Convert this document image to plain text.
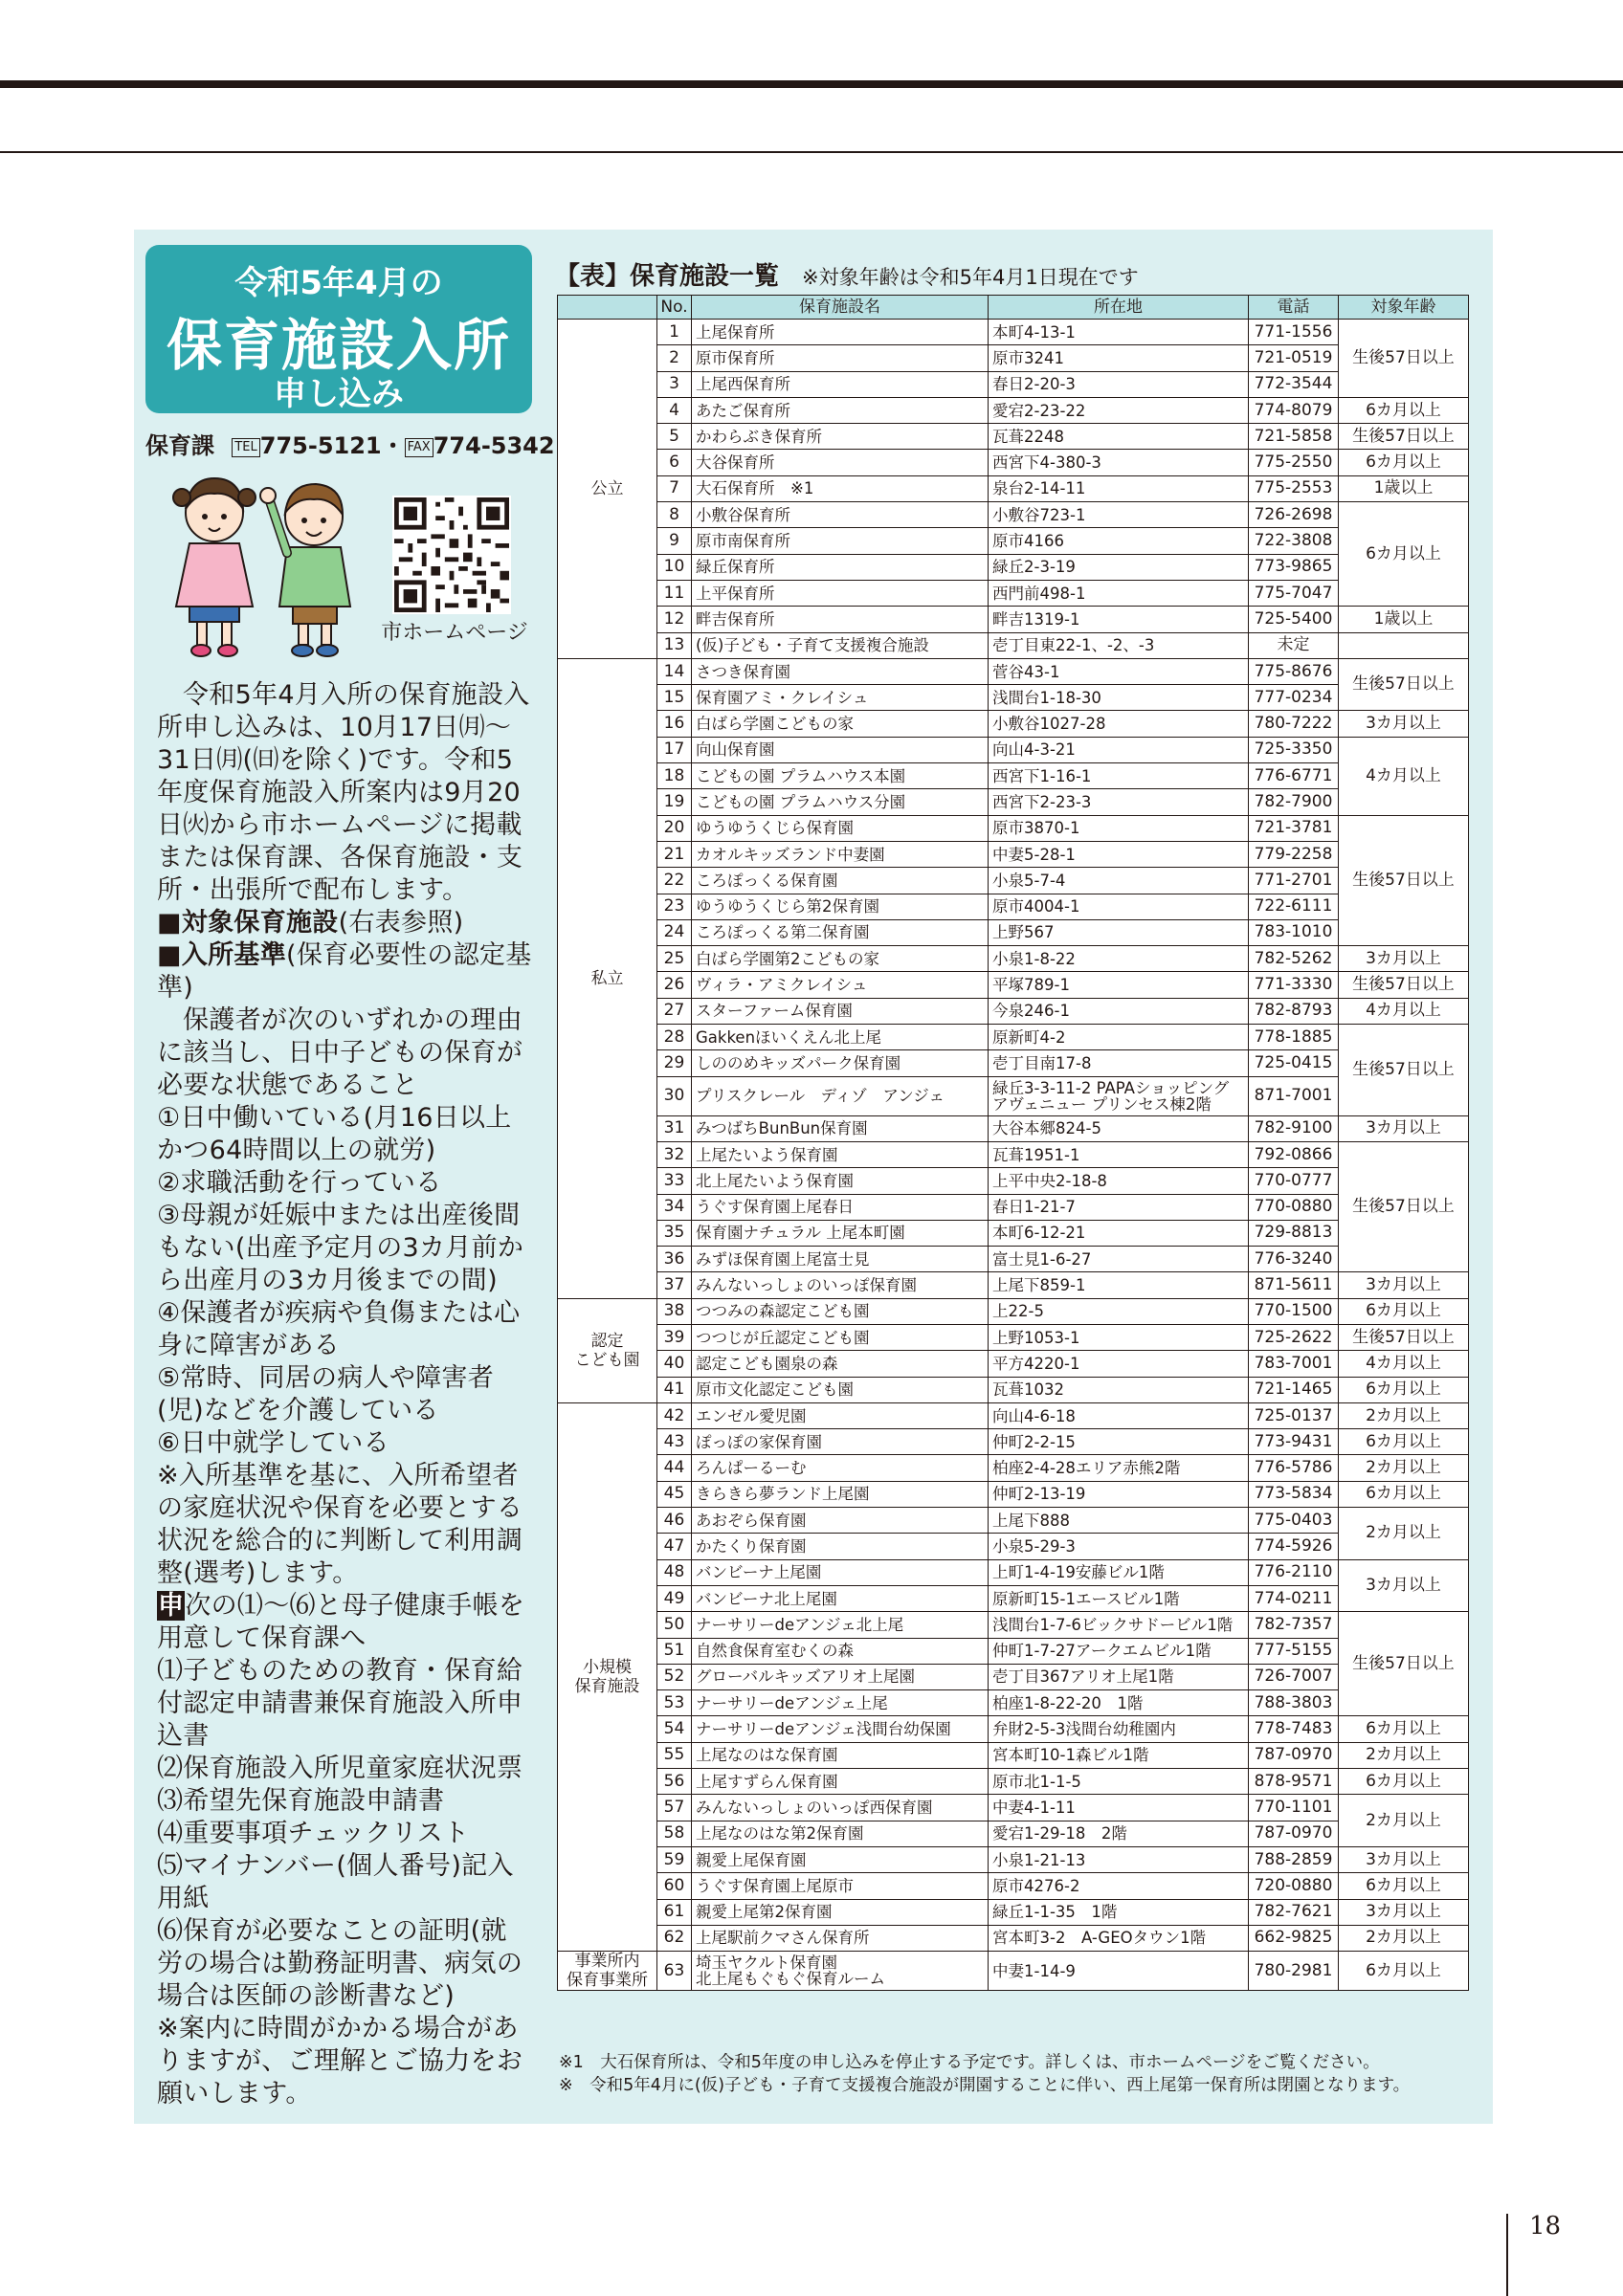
令和5年4月の
保育施設入所
申し込み
保育課 TEL 775-5121・ FAX 774-5342
市ホームページ

令和5年4月入所の保育施設入所申し込みは、10月17日㈪～31日㈪(㈰を除く)です。令和5年度保育施設入所案内は9月20日㈫から市ホームページに掲載または保育課、各保育施設・支所・出張所で配布します。

■対象保育施設(右表参照)

■入所基準(保育必要性の認定基準)

保護者が次のいずれかの理由に該当し、日中子どもの保育が必要な状態であること

①日中働いている(月16日以上かつ64時間以上の就労)

②求職活動を行っている

③母親が妊娠中または出産後間もない(出産予定月の3カ月前から出産月の3カ月後までの間)

④保護者が疾病や負傷または心身に障害がある

⑤常時、同居の病人や障害者(児)などを介護している

⑥日中就学している

※入所基準を基に、入所希望者の家庭状況や保育を必要とする状況を総合的に判断して利用調整(選考)します。

申次の⑴～⑹と母子健康手帳を用意して保育課へ

⑴子どものための教育・保育給付認定申請書兼保育施設入所申込書

⑵保育施設入所児童家庭状況票

⑶希望先保育施設申請書

⑷重要事項チェックリスト

⑸マイナンバー(個人番号)記入用紙

⑹保育が必要なことの証明(就労の場合は勤務証明書、病気の場合は医師の診断書など)

※案内に時間がかかる場合がありますが、ご理解とご協力をお願いします。

【表】保育施設一覧 ※対象年齢は令和5年4月1日現在です
	No.	保育施設名	所在地	電話	対象年齢
公立	1	上尾保育所	本町4-13-1	771-1556	生後57日以上
	2	原市保育所	原市3241	721-0519	
	3	上尾西保育所	春日2-20-3	772-3544	
	4	あたご保育所	愛宕2-23-22	774-8079	6カ月以上
	5	かわらぶき保育所	瓦葺2248	721-5858	生後57日以上
	6	大谷保育所	西宮下4-380-3	775-2550	6カ月以上
	7	大石保育所　※1	泉台2-14-11	775-2553	1歳以上
	8	小敷谷保育所	小敷谷723-1	726-2698	6カ月以上
	9	原市南保育所	原市4166	722-3808	
	10	緑丘保育所	緑丘2-3-19	773-9865	
	11	上平保育所	西門前498-1	775-7047	
	12	畔吉保育所	畔吉1319-1	725-5400	1歳以上
	13	(仮)子ども・子育て支援複合施設	壱丁目東22-1、-2、-3	未定	
私立	14	さつき保育園	菅谷43-1	775-8676	生後57日以上
	15	保育園アミ・クレイシュ	浅間台1-18-30	777-0234	
	16	白ばら学園こどもの家	小敷谷1027-28	780-7222	3カ月以上
	17	向山保育園	向山4-3-21	725-3350	4カ月以上
	18	こどもの園 プラムハウス本園	西宮下1-16-1	776-6771	
	19	こどもの園 プラムハウス分園	西宮下2-23-3	782-7900	
	20	ゆうゆうくじら保育園	原市3870-1	721-3781	生後57日以上
	21	カオルキッズランド中妻園	中妻5-28-1	779-2258	
	22	ころぽっくる保育園	小泉5-7-4	771-2701	
	23	ゆうゆうくじら第2保育園	原市4004-1	722-6111	
	24	ころぽっくる第二保育園	上野567	783-1010	
	25	白ばら学園第2こどもの家	小泉1-8-22	782-5262	3カ月以上
	26	ヴィラ・アミクレイシュ	平塚789-1	771-3330	生後57日以上
	27	スターファーム保育園	今泉246-1	782-8793	4カ月以上
	28	Gakkenほいくえん北上尾	原新町4-2	778-1885	生後57日以上
	29	しののめキッズパーク保育園	壱丁目南17-8	725-0415	
	30	プリスクレール　ディゾ　アンジェ	緑丘3-3-11-2 PAPAショッピングアヴェニュー プリンセス棟2階	871-7001	
	31	みつばちBunBun保育園	大谷本郷824-5	782-9100	3カ月以上
	32	上尾たいよう保育園	瓦葺1951-1	792-0866	生後57日以上
	33	北上尾たいよう保育園	上平中央2-18-8	770-0777	
	34	うぐす保育園上尾春日	春日1-21-7	770-0880	
	35	保育園ナチュラル 上尾本町園	本町6-12-21	729-8813	
	36	みずほ保育園上尾富士見	富士見1-6-27	776-3240	
	37	みんないっしょのいっぽ保育園	上尾下859-1	871-5611	3カ月以上
認定
こども園	38	つつみの森認定こども園	上22-5	770-1500	6カ月以上
	39	つつじが丘認定こども園	上野1053-1	725-2622	生後57日以上
	40	認定こども園泉の森	平方4220-1	783-7001	4カ月以上
	41	原市文化認定こども園	瓦葺1032	721-1465	6カ月以上
小規模
保育施設	42	エンゼル愛児園	向山4-6-18	725-0137	2カ月以上
	43	ぽっぽの家保育園	仲町2-2-15	773-9431	6カ月以上
	44	ろんぱーるーむ	柏座2-4-28エリア赤熊2階	776-5786	2カ月以上
	45	きらきら夢ランド上尾園	仲町2-13-19	773-5834	6カ月以上
	46	あおぞら保育園	上尾下888	775-0403	2カ月以上
	47	かたくり保育園	小泉5-29-3	774-5926	
	48	バンビーナ上尾園	上町1-4-19安藤ビル1階	776-2110	3カ月以上
	49	バンビーナ北上尾園	原新町15-1エースビル1階	774-0211	
	50	ナーサリーdeアンジェ北上尾	浅間台1-7-6ビックサドービル1階	782-7357	生後57日以上
	51	自然食保育室むくの森	仲町1-7-27アークエムビル1階	777-5155	
	52	グローバルキッズアリオ上尾園	壱丁目367アリオ上尾1階	726-7007	
	53	ナーサリーdeアンジェ上尾	柏座1-8-22-20　1階	788-3803	
	54	ナーサリーdeアンジェ浅間台幼保園	弁財2-5-3浅間台幼稚園内	778-7483	6カ月以上
	55	上尾なのはな保育園	宮本町10-1森ビル1階	787-0970	2カ月以上
	56	上尾すずらん保育園	原市北1-1-5	878-9571	6カ月以上
	57	みんないっしょのいっぽ西保育園	中妻4-1-11	770-1101	2カ月以上
	58	上尾なのはな第2保育園	愛宕1-29-18　2階	787-0970	
	59	親愛上尾保育園	小泉1-21-13	788-2859	3カ月以上
	60	うぐす保育園上尾原市	原市4276-2	720-0880	6カ月以上
	61	親愛上尾第2保育園	緑丘1-1-35　1階	782-7621	3カ月以上
	62	上尾駅前クマさん保育所	宮本町3-2　A-GEOタウン1階	662-9825	2カ月以上
事業所内
保育事業所	63	埼玉ヤクルト保育園
北上尾もぐもぐ保育ルーム	中妻1-14-9	780-2981	6カ月以上
※1　大石保育所は、令和5年度の申し込みを停止する予定です。詳しくは、市ホームページをご覧ください。
※　令和5年4月に(仮)子ども・子育て支援複合施設が開園することに伴い、西上尾第一保育所は閉園となります。
18
